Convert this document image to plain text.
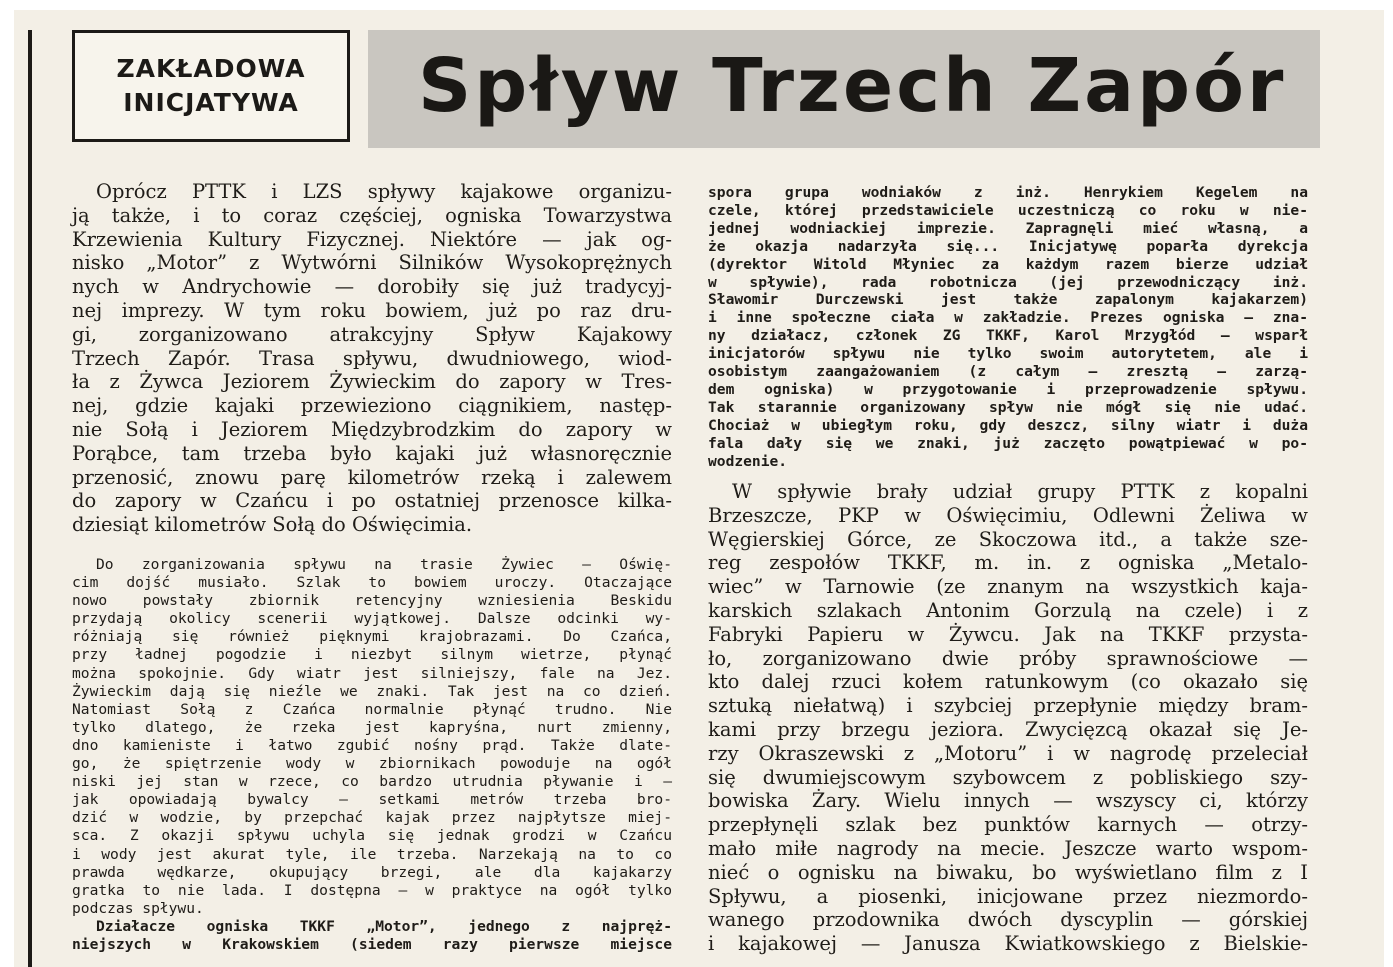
ZAKŁADOWA
INICJATYWA Spływ Trzech Zapór
Oprócz PTTK i LZS spływy kajakowe organizu-
ją także, i to coraz częściej, ogniska Towarzystwa
Krzewienia Kultury Fizycznej. Niektóre — jak og-
nisko „Motor” z Wytwórni Silników Wysokoprężnych
nych w Andrychowie — dorobiły się już tradycyj-
nej imprezy. W tym roku bowiem, już po raz dru-
gi, zorganizowano atrakcyjny Spływ Kajakowy
Trzech Zapór. Trasa spływu, dwudniowego, wiod-
ła z Żywca Jeziorem Żywieckim do zapory w Tres-
nej, gdzie kajaki przewieziono ciągnikiem, następ-
nie Sołą i Jeziorem Międzybrodzkim do zapory w
Porąbce, tam trzeba było kajaki już własnoręcznie
przenosić, znowu parę kilometrów rzeką i zalewem
do zapory w Czańcu i po ostatniej przenosce kilka-
dziesiąt kilometrów Sołą do Oświęcimia.
Do zorganizowania spływu na trasie Żywiec — Oświę-
cim dojść musiało. Szlak to bowiem uroczy. Otaczające
nowo powstały zbiornik retencyjny wzniesienia Beskidu
przydają okolicy scenerii wyjątkowej. Dalsze odcinki wy-
różniają się również pięknymi krajobrazami. Do Czańca,
przy ładnej pogodzie i niezbyt silnym wietrze, płynąć
można spokojnie. Gdy wiatr jest silniejszy, fale na Jez.
Żywieckim dają się nieźle we znaki. Tak jest na co dzień.
Natomiast Sołą z Czańca normalnie płynąć trudno. Nie
tylko dlatego, że rzeka jest kapryśna, nurt zmienny,
dno kamieniste i łatwo zgubić nośny prąd. Także dlate-
go, że spiętrzenie wody w zbiornikach powoduje na ogół
niski jej stan w rzece, co bardzo utrudnia pływanie i —
jak opowiadają bywalcy — setkami metrów trzeba bro-
dzić w wodzie, by przepchać kajak przez najpłytsze miej-
sca. Z okazji spływu uchyla się jednak grodzi w Czańcu
i wody jest akurat tyle, ile trzeba. Narzekają na to co
prawda wędkarze, okupujący brzegi, ale dla kajakarzy
gratka to nie lada. I dostępna — w praktyce na ogół tylko
podczas spływu.
Działacze ogniska TKKF „Motor”, jednego z najpręż-
niejszych w Krakowskiem (siedem razy pierwsze miejsce
spora grupa wodniaków z inż. Henrykiem Kegelem na
czele, której przedstawiciele uczestniczą co roku w nie-
jednej wodniackiej imprezie. Zapragnęli mieć własną, a
że okazja nadarzyła się... Inicjatywę poparła dyrekcja
(dyrektor Witold Młyniec za każdym razem bierze udział
w spływie), rada robotnicza (jej przewodniczący inż.
Sławomir Durczewski jest także zapalonym kajakarzem)
i inne społeczne ciała w zakładzie. Prezes ogniska — zna-
ny działacz, członek ZG TKKF, Karol Mrzygłód — wsparł
inicjatorów spływu nie tylko swoim autorytetem, ale i
osobistym zaangażowaniem (z całym — zresztą — zarzą-
dem ogniska) w przygotowanie i przeprowadzenie spływu.
Tak starannie organizowany spływ nie mógł się nie udać.
Chociaż w ubiegłym roku, gdy deszcz, silny wiatr i duża
fala dały się we znaki, już zaczęto powątpiewać w po-
wodzenie.
W spływie brały udział grupy PTTK z kopalni
Brzeszcze, PKP w Oświęcimiu, Odlewni Żeliwa w
Węgierskiej Górce, ze Skoczowa itd., a także sze-
reg zespołów TKKF, m. in. z ogniska „Metalo-
wiec” w Tarnowie (ze znanym na wszystkich kaja-
karskich szlakach Antonim Gorzulą na czele) i z
Fabryki Papieru w Żywcu. Jak na TKKF przysta-
ło, zorganizowano dwie próby sprawnościowe —
kto dalej rzuci kołem ratunkowym (co okazało się
sztuką niełatwą) i szybciej przepłynie między bram-
kami przy brzegu jeziora. Zwycięzcą okazał się Je-
rzy Okraszewski z „Motoru” i w nagrodę przeleciał
się dwumiejscowym szybowcem z pobliskiego szy-
bowiska Żary. Wielu innych — wszyscy ci, którzy
przepłynęli szlak bez punktów karnych — otrzy-
mało miłe nagrody na mecie. Jeszcze warto wspom-
nieć o ognisku na biwaku, bo wyświetlano film z I
Spływu, a piosenki, inicjowane przez niezmordo-
wanego przodownika dwóch dyscyplin — górskiej
i kajakowej — Janusza Kwiatkowskiego z Bielskie-
